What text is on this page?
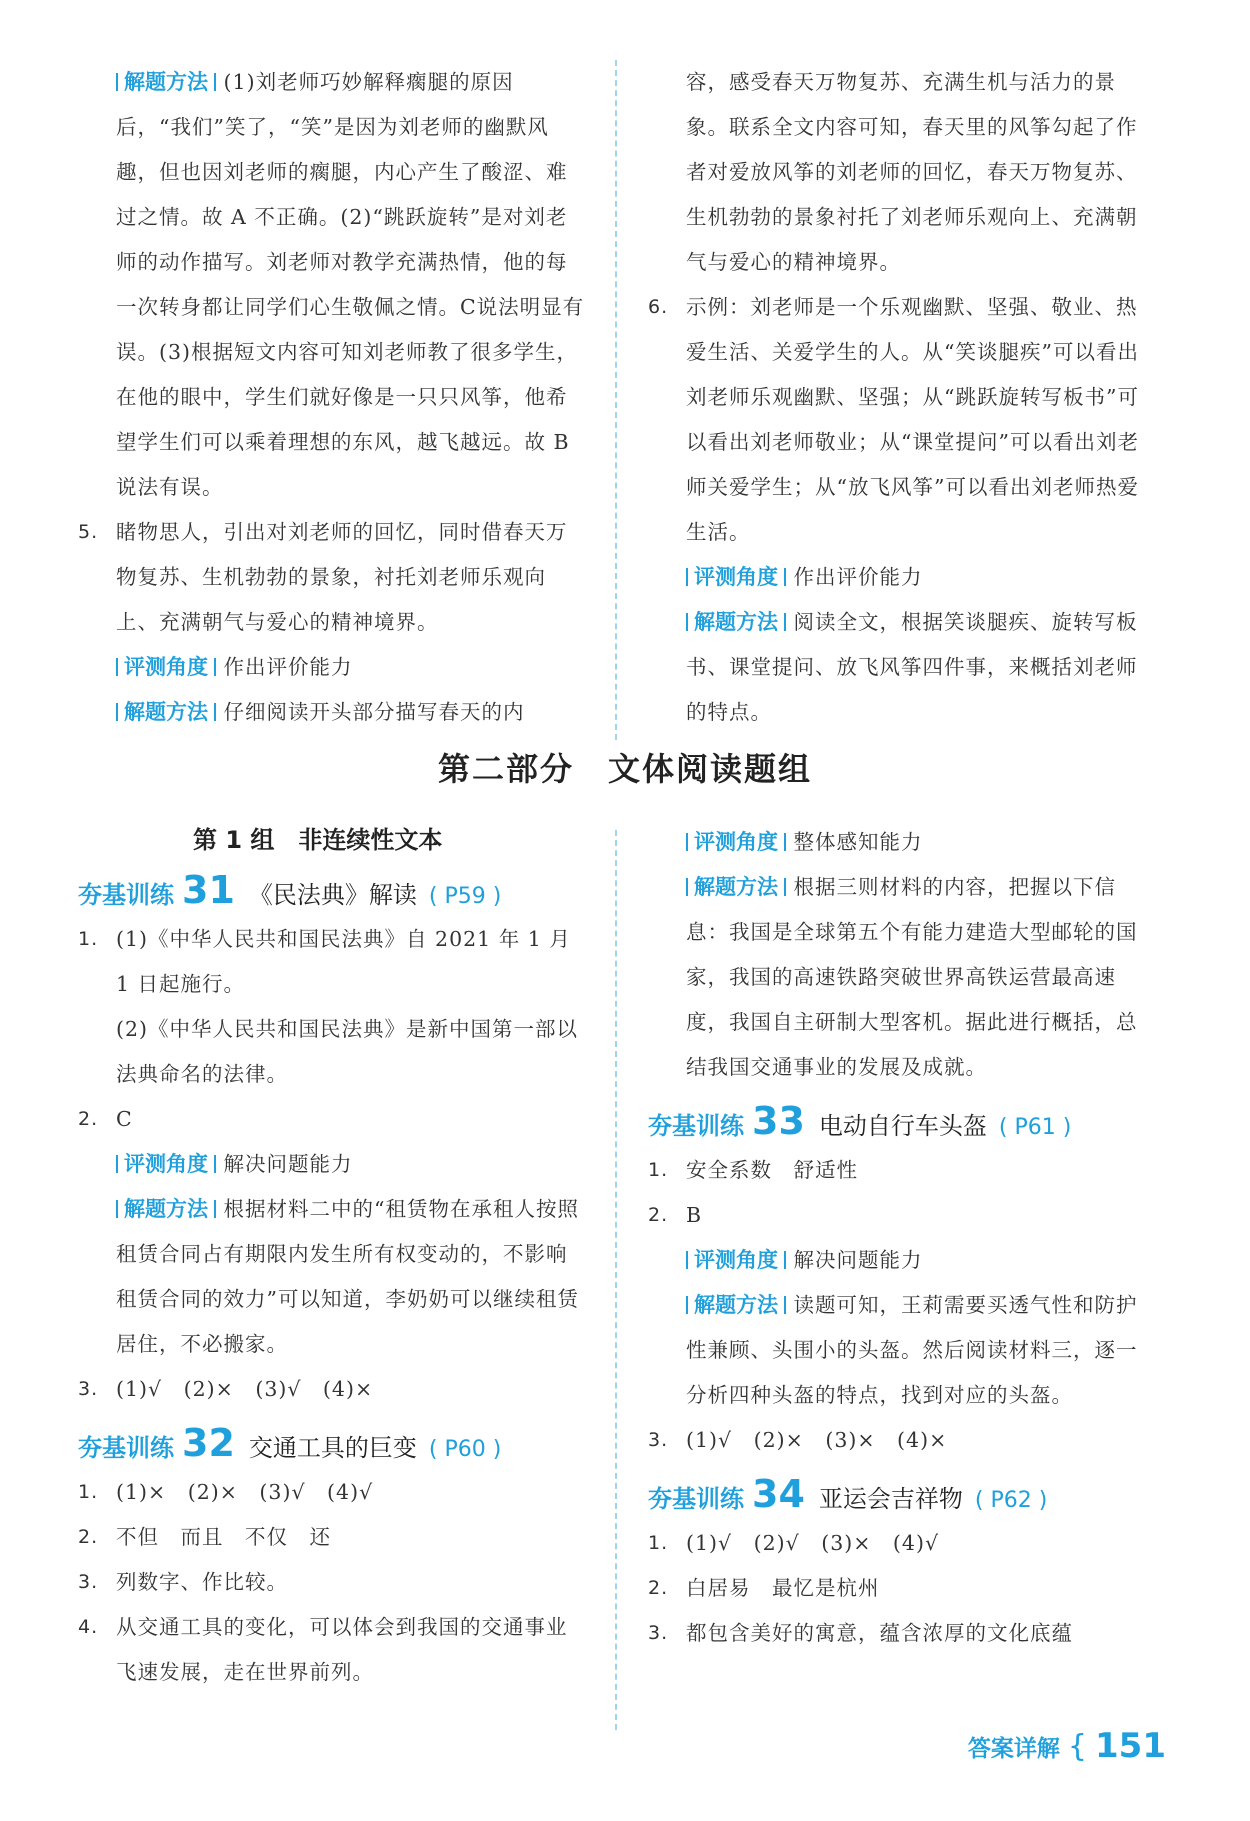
解题方法 (1)刘老师巧妙解释瘸腿的原因后，“我们”笑了，“笑”是因为刘老师的幽默风趣，但也因刘老师的瘸腿，内心产生了酸涩、难过之情。故 A 不正确。(2)“跳跃旋转”是对刘老师的动作描写。刘老师对教学充满热情，他的每一次转身都让同学们心生敬佩之情。C说法明显有误。(3)根据短文内容可知刘老师教了很多学生，在他的眼中，学生们就好像是一只只风筝，他希望学生们可以乘着理想的东风，越飞越远。故 B说法有误。

5. 睹物思人，引出对刘老师的回忆，同时借春天万物复苏、生机勃勃的景象，衬托刘老师乐观向上、充满朝气与爱心的精神境界。

评测角度 作出评价能力

解题方法 仔细阅读开头部分描写春天的内

容，感受春天万物复苏、充满生机与活力的景象。联系全文内容可知，春天里的风筝勾起了作者对爱放风筝的刘老师的回忆，春天万物复苏、生机勃勃的景象衬托了刘老师乐观向上、充满朝气与爱心的精神境界。

6. 示例：刘老师是一个乐观幽默、坚强、敬业、热爱生活、关爱学生的人。从“笑谈腿疾”可以看出刘老师乐观幽默、坚强；从“跳跃旋转写板书”可以看出刘老师敬业；从“课堂提问”可以看出刘老师关爱学生；从“放飞风筝”可以看出刘老师热爱生活。

评测角度 作出评价能力

解题方法 阅读全文，根据笑谈腿疾、旋转写板书、课堂提问、放飞风筝四件事，来概括刘老师的特点。

第二部分　文体阅读题组
第 1 组　非连续性文本
夯基训练 31 《民法典》解读 ( P59 )
1. (1)《中华人民共和国民法典》自 2021 年 1 月 1 日起施行。
(2)《中华人民共和国民法典》是新中国第一部以法典命名的法律。
2. C

评测角度 解决问题能力

解题方法 根据材料二中的“租赁物在承租人按照租赁合同占有期限内发生所有权变动的，不影响租赁合同的效力”可以知道，李奶奶可以继续租赁居住，不必搬家。

3. (1)√　(2)×　(3)√　(4)×
夯基训练 32 交通工具的巨变 ( P60 )
1. (1)×　(2)×　(3)√　(4)√
2. 不但　而且　不仅　还
3. 列数字、作比较。
4. 从交通工具的变化，可以体会到我国的交通事业飞速发展，走在世界前列。

评测角度 整体感知能力

解题方法 根据三则材料的内容，把握以下信息：我国是全球第五个有能力建造大型邮轮的国家，我国的高速铁路突破世界高铁运营最高速度，我国自主研制大型客机。据此进行概括，总结我国交通事业的发展及成就。

夯基训练 33 电动自行车头盔 ( P61 )
1. 安全系数　舒适性
2. B

评测角度 解决问题能力

解题方法 读题可知，王莉需要买透气性和防护性兼顾、头围小的头盔。然后阅读材料三，逐一分析四种头盔的特点，找到对应的头盔。

3. (1)√　(2)×　(3)×　(4)×
夯基训练 34 亚运会吉祥物 ( P62 )
1. (1)√　(2)√　(3)×　(4)√
2. 白居易　最忆是杭州
3. 都包含美好的寓意，蕴含浓厚的文化底蕴
答案详解 { 151
